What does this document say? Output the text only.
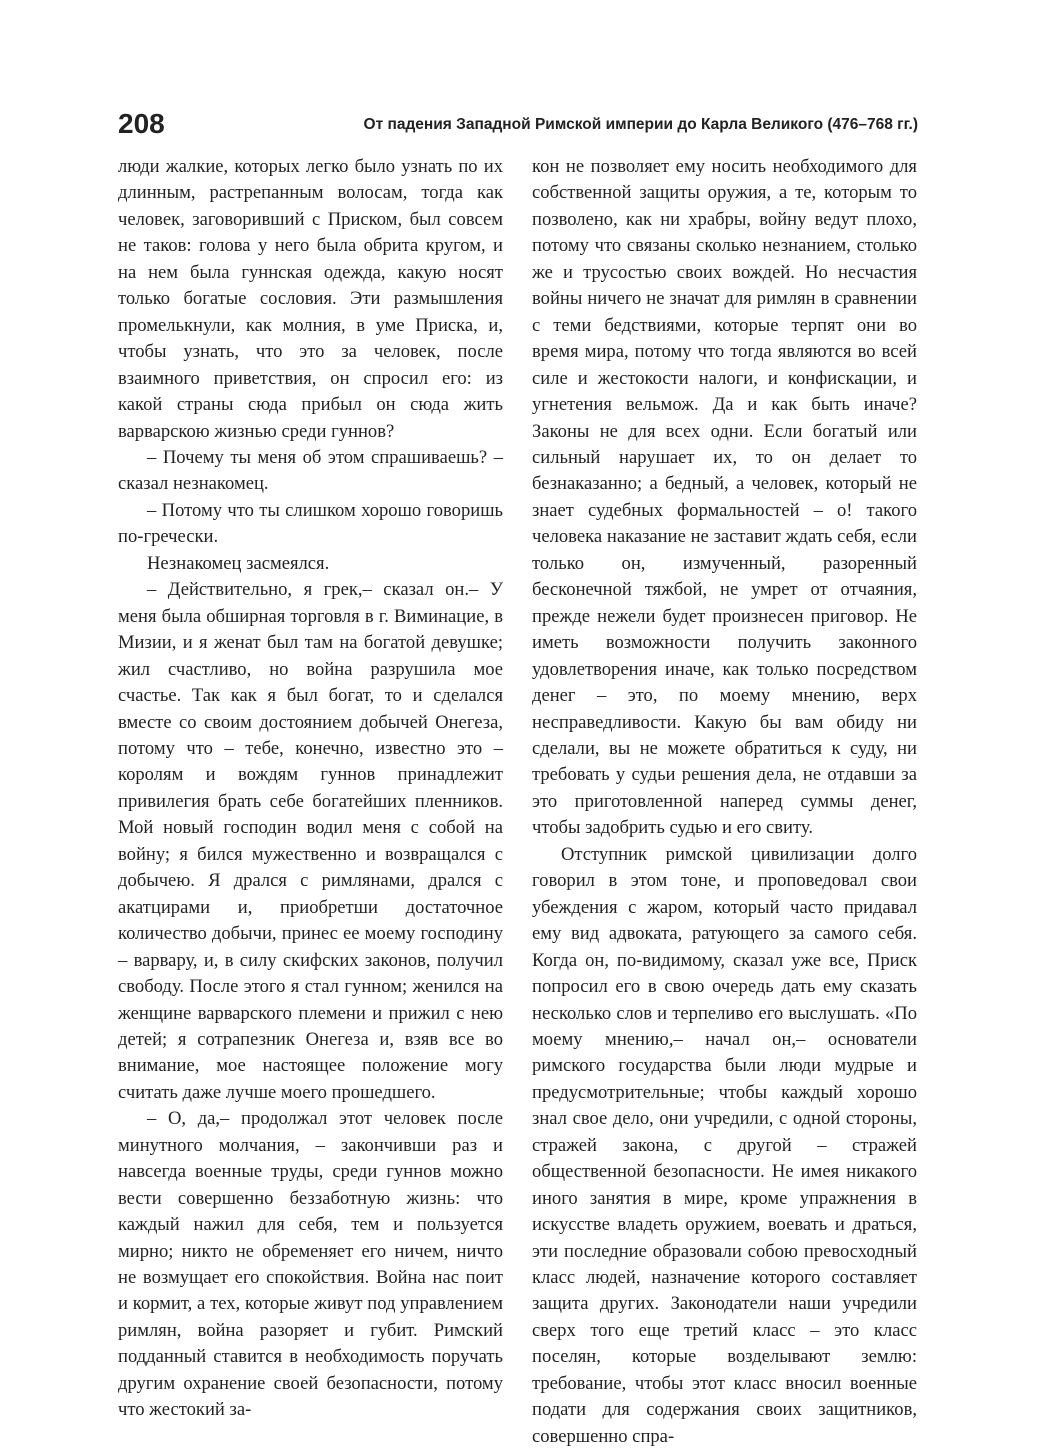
208	От падения Западной Римской империи до Карла Великого (476–768 гг.)

люди жалкие, которых легко было узнать по их длинным, растрепанным волосам, тогда как человек, заговоривший с Приском, был совсем не таков: голова у него была обрита кругом, и на нем была гуннская одежда, какую носят только богатые сословия. Эти размышления промелькнули, как молния, в уме Приска, и, чтобы узнать, что это за человек, после взаимного приветствия, он спросил его: из какой страны сюда прибыл он сюда жить варварскою жизнью среди гуннов?

– Почему ты меня об этом спрашиваешь? – сказал незнакомец.

– Потому что ты слишком хорошо говоришь по-гречески.

Незнакомец засмеялся.

– Действительно, я грек,– сказал он.– У меня была обширная торговля в г. Виминацие, в Мизии, и я женат был там на богатой девушке; жил счастливо, но война разрушила мое счастье. Так как я был богат, то и сделался вместе со своим достоянием добычей Онегеза, потому что – тебе, конечно, известно это – королям и вождям гуннов принадлежит привилегия брать себе богатейших пленников. Мой новый господин водил меня с собой на войну; я бился мужественно и возвращался с добычею. Я дрался с римлянами, дрался с акатцирами и, приобретши достаточное количество добычи, принес ее моему господину – варвару, и, в силу скифских законов, получил свободу. После этого я стал гунном; женился на женщине варварского племени и прижил с нею детей; я сотрапезник Онегеза и, взяв все во внимание, мое настоящее положение могу считать даже лучше моего прошедшего.

– О, да,– продолжал этот человек после минутного молчания, – закончивши раз и навсегда военные труды, среди гуннов можно вести совершенно беззаботную жизнь: что каждый нажил для себя, тем и пользуется мирно; никто не обременяет его ничем, ничто не возмущает его спокойствия. Война нас поит и кормит, а тех, которые живут под управлением римлян, война разоряет и губит. Римский подданный ставится в необходимость поручать другим охранение своей безопасности, потому что жестокий за-

кон не позволяет ему носить необходимого для собственной защиты оружия, а те, которым то позволено, как ни храбры, войну ведут плохо, потому что связаны сколько незнанием, столько же и трусостью своих вождей. Но несчастия войны ничего не значат для римлян в сравнении с теми бедствиями, которые терпят они во время мира, потому что тогда являются во всей силе и жестокости налоги, и конфискации, и угнетения вельмож. Да и как быть иначе? Законы не для всех одни. Если богатый или сильный нарушает их, то он делает то безнаказанно; а бедный, а человек, который не знает судебных формальностей – о! такого человека наказание не заставит ждать себя, если только он, измученный, разоренный бесконечной тяжбой, не умрет от отчаяния, прежде нежели будет произнесен приговор. Не иметь возможности получить законного удовлетворения иначе, как только посредством денег – это, по моему мнению, верх несправедливости. Какую бы вам обиду ни сделали, вы не можете обратиться к суду, ни требовать у судьи решения дела, не отдавши за это приготовленной наперед суммы денег, чтобы задобрить судью и его свиту.

Отступник римской цивилизации долго говорил в этом тоне, и проповедовал свои убеждения с жаром, который часто придавал ему вид адвоката, ратующего за самого себя. Когда он, по-видимому, сказал уже все, Приск попросил его в свою очередь дать ему сказать несколько слов и терпеливо его выслушать. «По моему мнению,– начал он,– основатели римского государства были люди мудрые и предусмотрительные; чтобы каждый хорошо знал свое дело, они учредили, с одной стороны, стражей закона, с другой – стражей общественной безопасности. Не имея никакого иного занятия в мире, кроме упражнения в искусстве владеть оружием, воевать и драться, эти последние образовали собою превосходный класс людей, назначение которого составляет защита других. Законодатели наши учредили сверх того еще третий класс – это класс поселян, которые возделывают землю: требование, чтобы этот класс вносил военные подати для содержания своих защитников, совершенно спра-
